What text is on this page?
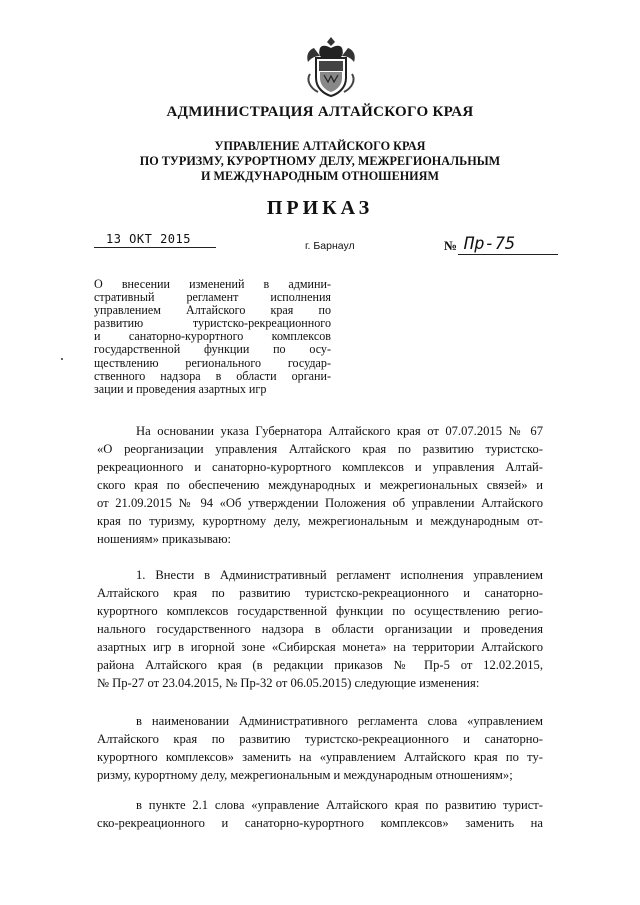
АДМИНИСТРАЦИЯ АЛТАЙСКОГО КРАЯ
УПРАВЛЕНИЕ АЛТАЙСКОГО КРАЯ
ПО ТУРИЗМУ, КУРОРТНОМУ ДЕЛУ, МЕЖРЕГИОНАЛЬНЫМ
И МЕЖДУНАРОДНЫМ ОТНОШЕНИЯМ
ПРИКАЗ
13 ОКТ 2015	г. Барнаул	№ Пр-75
О внесении изменений в админи-
стративный регламент исполнения
управлением Алтайского края по
развитию туристско-рекреационного
и санаторно-курортного комплексов
государственной функции по осу-
ществлению регионального государ-
ственного надзора в области органи-
зации и проведения азартных игр
На основании указа Губернатора Алтайского края от 07.07.2015 № 67
«О реорганизации управления Алтайского края по развитию туристско-
рекреационного и санаторно-курортного комплексов и управления Алтай-
ского края по обеспечению международных и межрегиональных связей» и
от 21.09.2015 № 94 «Об утверждении Положения об управлении Алтайского
края по туризму, курортному делу, межрегиональным и международным от-
ношениям» приказываю:
1. Внести в Административный регламент исполнения управлением
Алтайского края по развитию туристско-рекреационного и санаторно-
курортного комплексов государственной функции по осуществлению регио-
нального государственного надзора в области организации и проведения
азартных игр в игорной зоне «Сибирская монета» на территории Алтайского
района Алтайского края (в редакции приказов № Пр-5 от 12.02.2015,
№ Пр-27 от 23.04.2015, № Пр-32 от 06.05.2015) следующие изменения:
в наименовании Административного регламента слова «управлением
Алтайского края по развитию туристско-рекреационного и санаторно-
курортного комплексов» заменить на «управлением Алтайского края по ту-
ризму, курортному делу, межрегиональным и международным отношениям»;
в пункте 2.1 слова «управление Алтайского края по развитию турист-
ско-рекреационного и санаторно-курортного комплексов» заменить на
